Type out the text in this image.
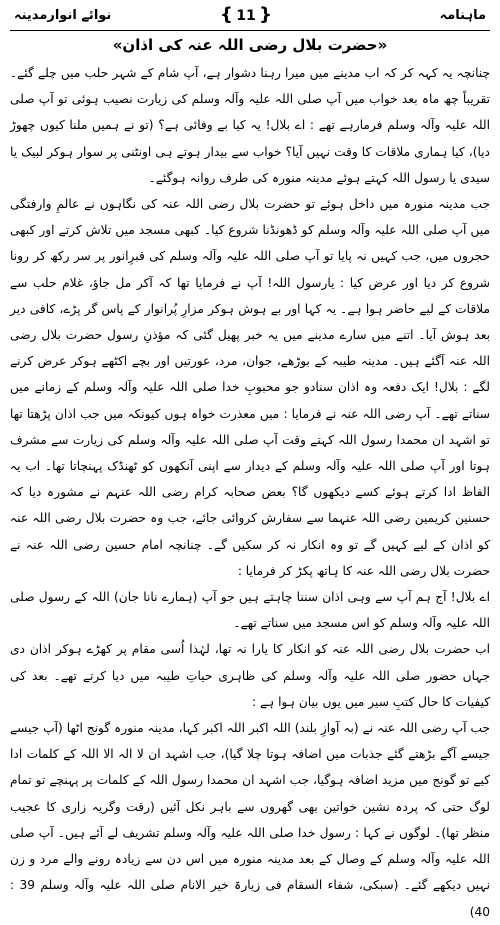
ماہنامہ
{ 11 }
نوائے انوارمدینہ
«حضرت بلال رضی اللہ عنہ کی اذان»

چنانچہ یہ کہہ کر کہ اب مدینے میں میرا رہنا دشوار ہے، آپ شام کے شہر حلب میں چلے گئے۔ تقریباً چھ ماہ بعد خواب میں آپ صلی اللہ علیہ وآلہ وسلم کی زیارت نصیب ہوئی تو آپ صلی اللہ علیہ وآلہ وسلم فرمارہے تھے : اے بلال! یہ کیا بے وفائی ہے؟ (تو نے ہمیں ملنا کیوں چھوڑ دیا)، کیا ہماری ملاقات کا وقت نہیں آیا؟ خواب سے بیدار ہوتے ہی اونٹنی پر سوار ہوکر لبیک یا سیدی یا رسول اللہ کہتے ہوئے مدینہ منورہ کی طرف روانہ ہوگئے۔

جب مدینہ منورہ میں داخل ہوئے تو حضرت بلال رضی اللہ عنہ کی نگاہوں نے عالمِ وارفتگی میں آپ صلی اللہ علیہ وآلہ وسلم کو ڈھونڈنا شروع کیا۔ کبھی مسجد میں تلاش کرتے اور کبھی حجروں میں، جب کہیں نہ پایا تو آپ صلی اللہ علیہ وآلہ وسلم کی قبرِانور پر سر رکھ کر رونا شروع کر دیا اور عرض کیا : یارسول اللہ! آپ نے فرمایا تھا کہ آکر مل جاؤ، غلام حلب سے ملاقات کے لیے حاضر ہوا ہے۔ یہ کہا اور بے ہوش ہوکر مزارِ پُرانوار کے پاس گر پڑے، کافی دیر بعد ہوش آیا۔ اتنے میں سارے مدینے میں یہ خبر پھیل گئی کہ مؤذنِ رسول حضرت بلال رضی اللہ عنہ آگئے ہیں۔ مدینہ طیبہ کے بوڑھے، جوان، مرد، عورتیں اور بچے اکٹھے ہوکر عرض کرنے لگے : بلال! ایک دفعہ وہ اذان سنادو جو محبوبِ خدا صلی اللہ علیہ وآلہ وسلم کے زمانے میں سناتے تھے۔ آپ رضی اللہ عنہ نے فرمایا : میں معذرت خواہ ہوں کیونکہ میں جب اذان پڑھتا تھا تو اشہد ان محمدا رسول اللہ کہتے وقت آپ صلی اللہ علیہ وآلہ وسلم کی زیارت سے مشرف ہوتا اور آپ صلی اللہ علیہ وآلہ وسلم کے دیدار سے اپنی آنکھوں کو ٹھنڈک پہنچاتا تھا۔ اب یہ الفاظ ادا کرتے ہوئے کسے دیکھوں گا؟ بعض صحابہ کرام رضی اللہ عنہم نے مشورہ دیا کہ حسنین کریمین رضی اللہ عنہما سے سفارش کروائی جائے، جب وہ حضرت بلال رضی اللہ عنہ کو اذان کے لیے کہیں گے تو وہ انکار نہ کر سکیں گے۔ چنانچہ امام حسین رضی اللہ عنہ نے حضرت بلال رضی اللہ عنہ کا ہاتھ پکڑ کر فرمایا :

اے بلال! آج ہم آپ سے وہی اذان سننا چاہتے ہیں جو آپ (ہمارے نانا جان) اللہ کے رسول صلی اللہ علیہ وآلہ وسلم کو اس مسجد میں سناتے تھے۔

اب حضرت بلال رضی اللہ عنہ کو انکار کا یارا نہ تھا، لہٰذا اُسی مقام پر کھڑے ہوکر اذان دی جہاں حضور صلی اللہ علیہ وآلہ وسلم کی ظاہری حیاتِ طیبہ میں دیا کرتے تھے۔ بعد کی کیفیات کا حال کتبِ سیر میں یوں بیان ہوا ہے :

جب آپ رضی اللہ عنہ نے (بہ آوازِ بلند) اللہ اکبر اللہ اکبر کہا، مدینہ منورہ گونج اٹھا (آپ جیسے جیسے آگے بڑھتے گئے جذبات میں اضافہ ہوتا چلا گیا)، جب اشہد ان لا الہ الا اللہ کے کلمات ادا کیے تو گونج میں مزید اضافہ ہوگیا، جب اشہد ان محمدا رسول اللہ کے کلمات پر پہنچے تو تمام لوگ حتی کہ پردہ نشین خواتین بھی گھروں سے باہر نکل آئیں (رقت وگریہ زاری کا عجیب منظر تھا)۔ لوگوں نے کہا : رسول خدا صلی اللہ علیہ وآلہ وسلم تشریف لے آئے ہیں۔ آپ صلی اللہ علیہ وآلہ وسلم کے وصال کے بعد مدینہ منورہ میں اس دن سے زیادہ رونے والے مرد و زن نہیں دیکھے گئے۔ (سبکی، شفاء السقام فی زیارۃ خیر الانام صلی اللہ علیہ وآلہ وسلم 39 : 40)
